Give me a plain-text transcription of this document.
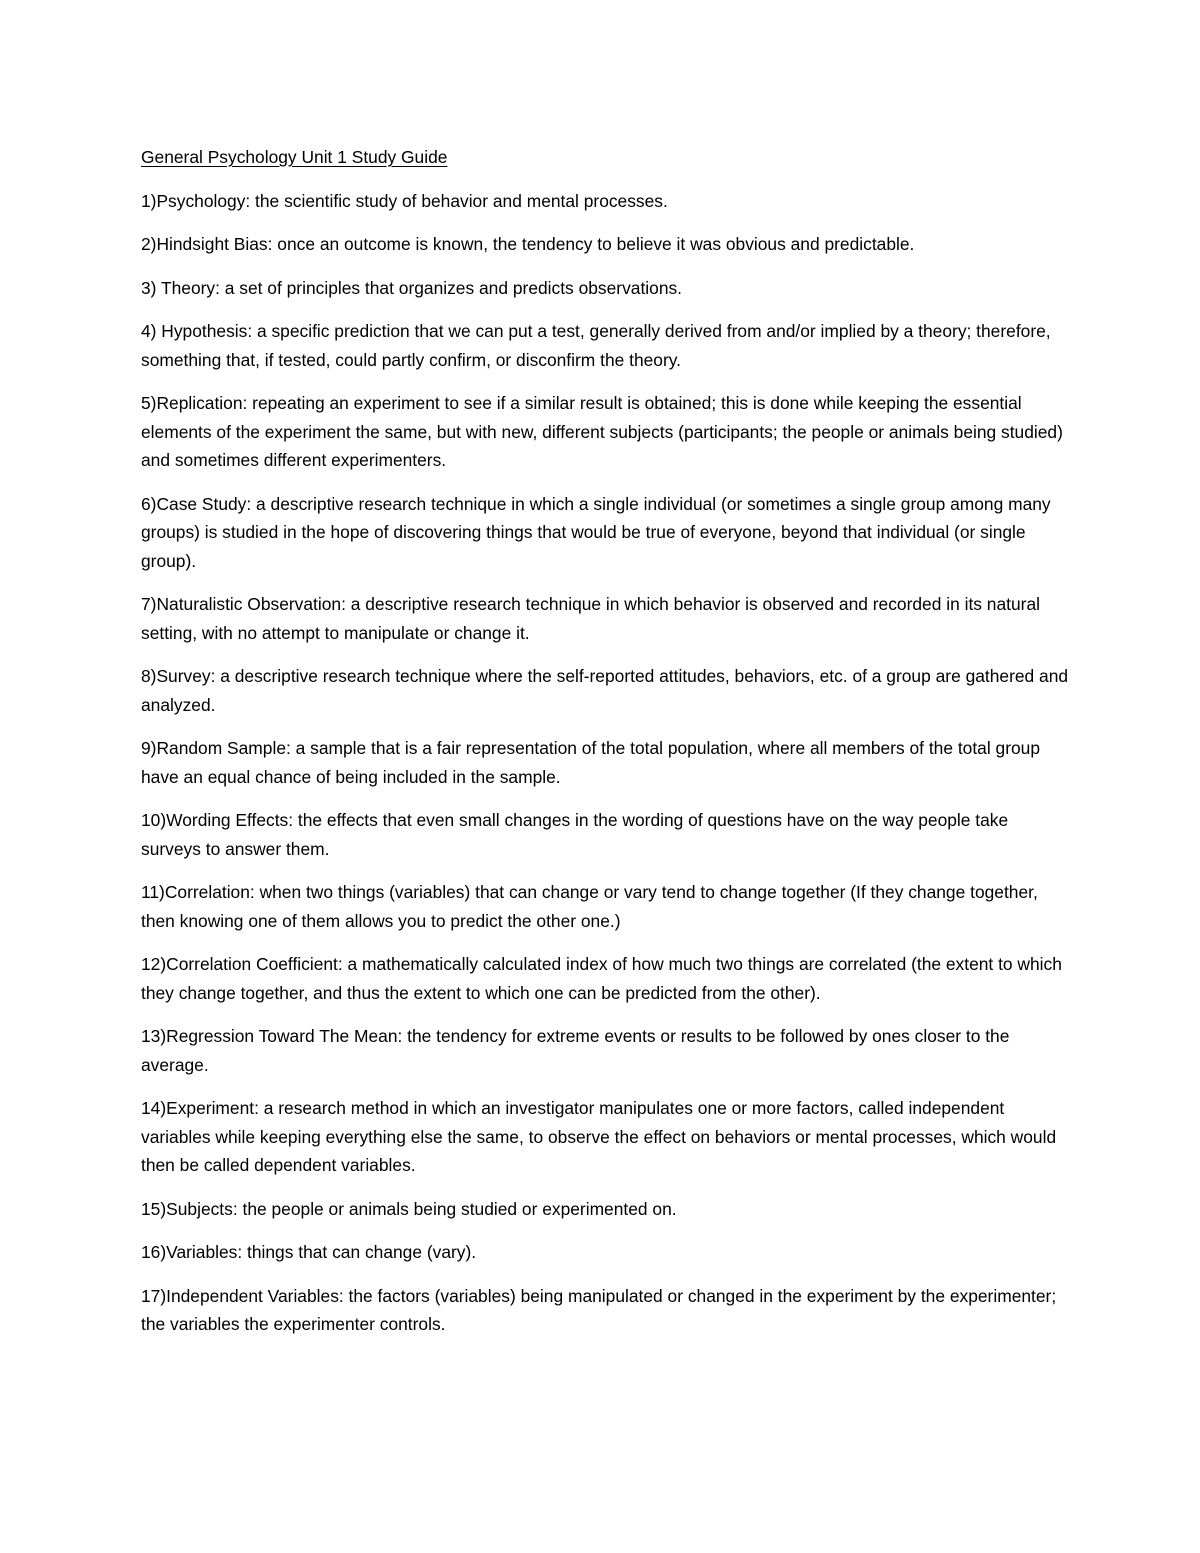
General Psychology Unit 1 Study Guide
1)Psychology: the scientific study of behavior and mental processes.
2)Hindsight Bias: once an outcome is known, the tendency to believe it was obvious and predictable.
3) Theory: a set of principles that organizes and predicts observations.
4) Hypothesis: a specific prediction that we can put a test, generally derived from and/or implied by a theory; therefore, something that, if tested, could partly confirm, or disconfirm the theory.
5)Replication: repeating an experiment to see if a similar result is obtained; this is done while keeping the essential elements of the experiment the same, but with new, different subjects (participants; the people or animals being studied) and sometimes different experimenters.
6)Case Study: a descriptive research technique in which a single individual (or sometimes a single group among many groups) is studied in the hope of discovering things that would be true of everyone, beyond that individual (or single group).
7)Naturalistic Observation: a descriptive research technique in which behavior is observed and recorded in its natural setting, with no attempt to manipulate or change it.
8)Survey: a descriptive research technique where the self-reported attitudes, behaviors, etc. of a group are gathered and analyzed.
9)Random Sample: a sample that is a fair representation of the total population, where all members of the total group have an equal chance of being included in the sample.
10)Wording Effects: the effects that even small changes in the wording of questions have on the way people take surveys to answer them.
11)Correlation: when two things (variables) that can change or vary tend to change together (If they change together, then knowing one of them allows you to predict the other one.)
12)Correlation Coefficient: a mathematically calculated index of how much two things are correlated (the extent to which they change together, and thus the extent to which one can be predicted from the other).
13)Regression Toward The Mean: the tendency for extreme events or results to be followed by ones closer to the average.
14)Experiment: a research method in which an investigator manipulates one or more factors, called independent variables while keeping everything else the same, to observe the effect on behaviors or mental processes, which would then be called dependent variables.
15)Subjects: the people or animals being studied or experimented on.
16)Variables: things that can change (vary).
17)Independent Variables: the factors (variables) being manipulated or changed in the experiment by the experimenter; the variables the experimenter controls.
